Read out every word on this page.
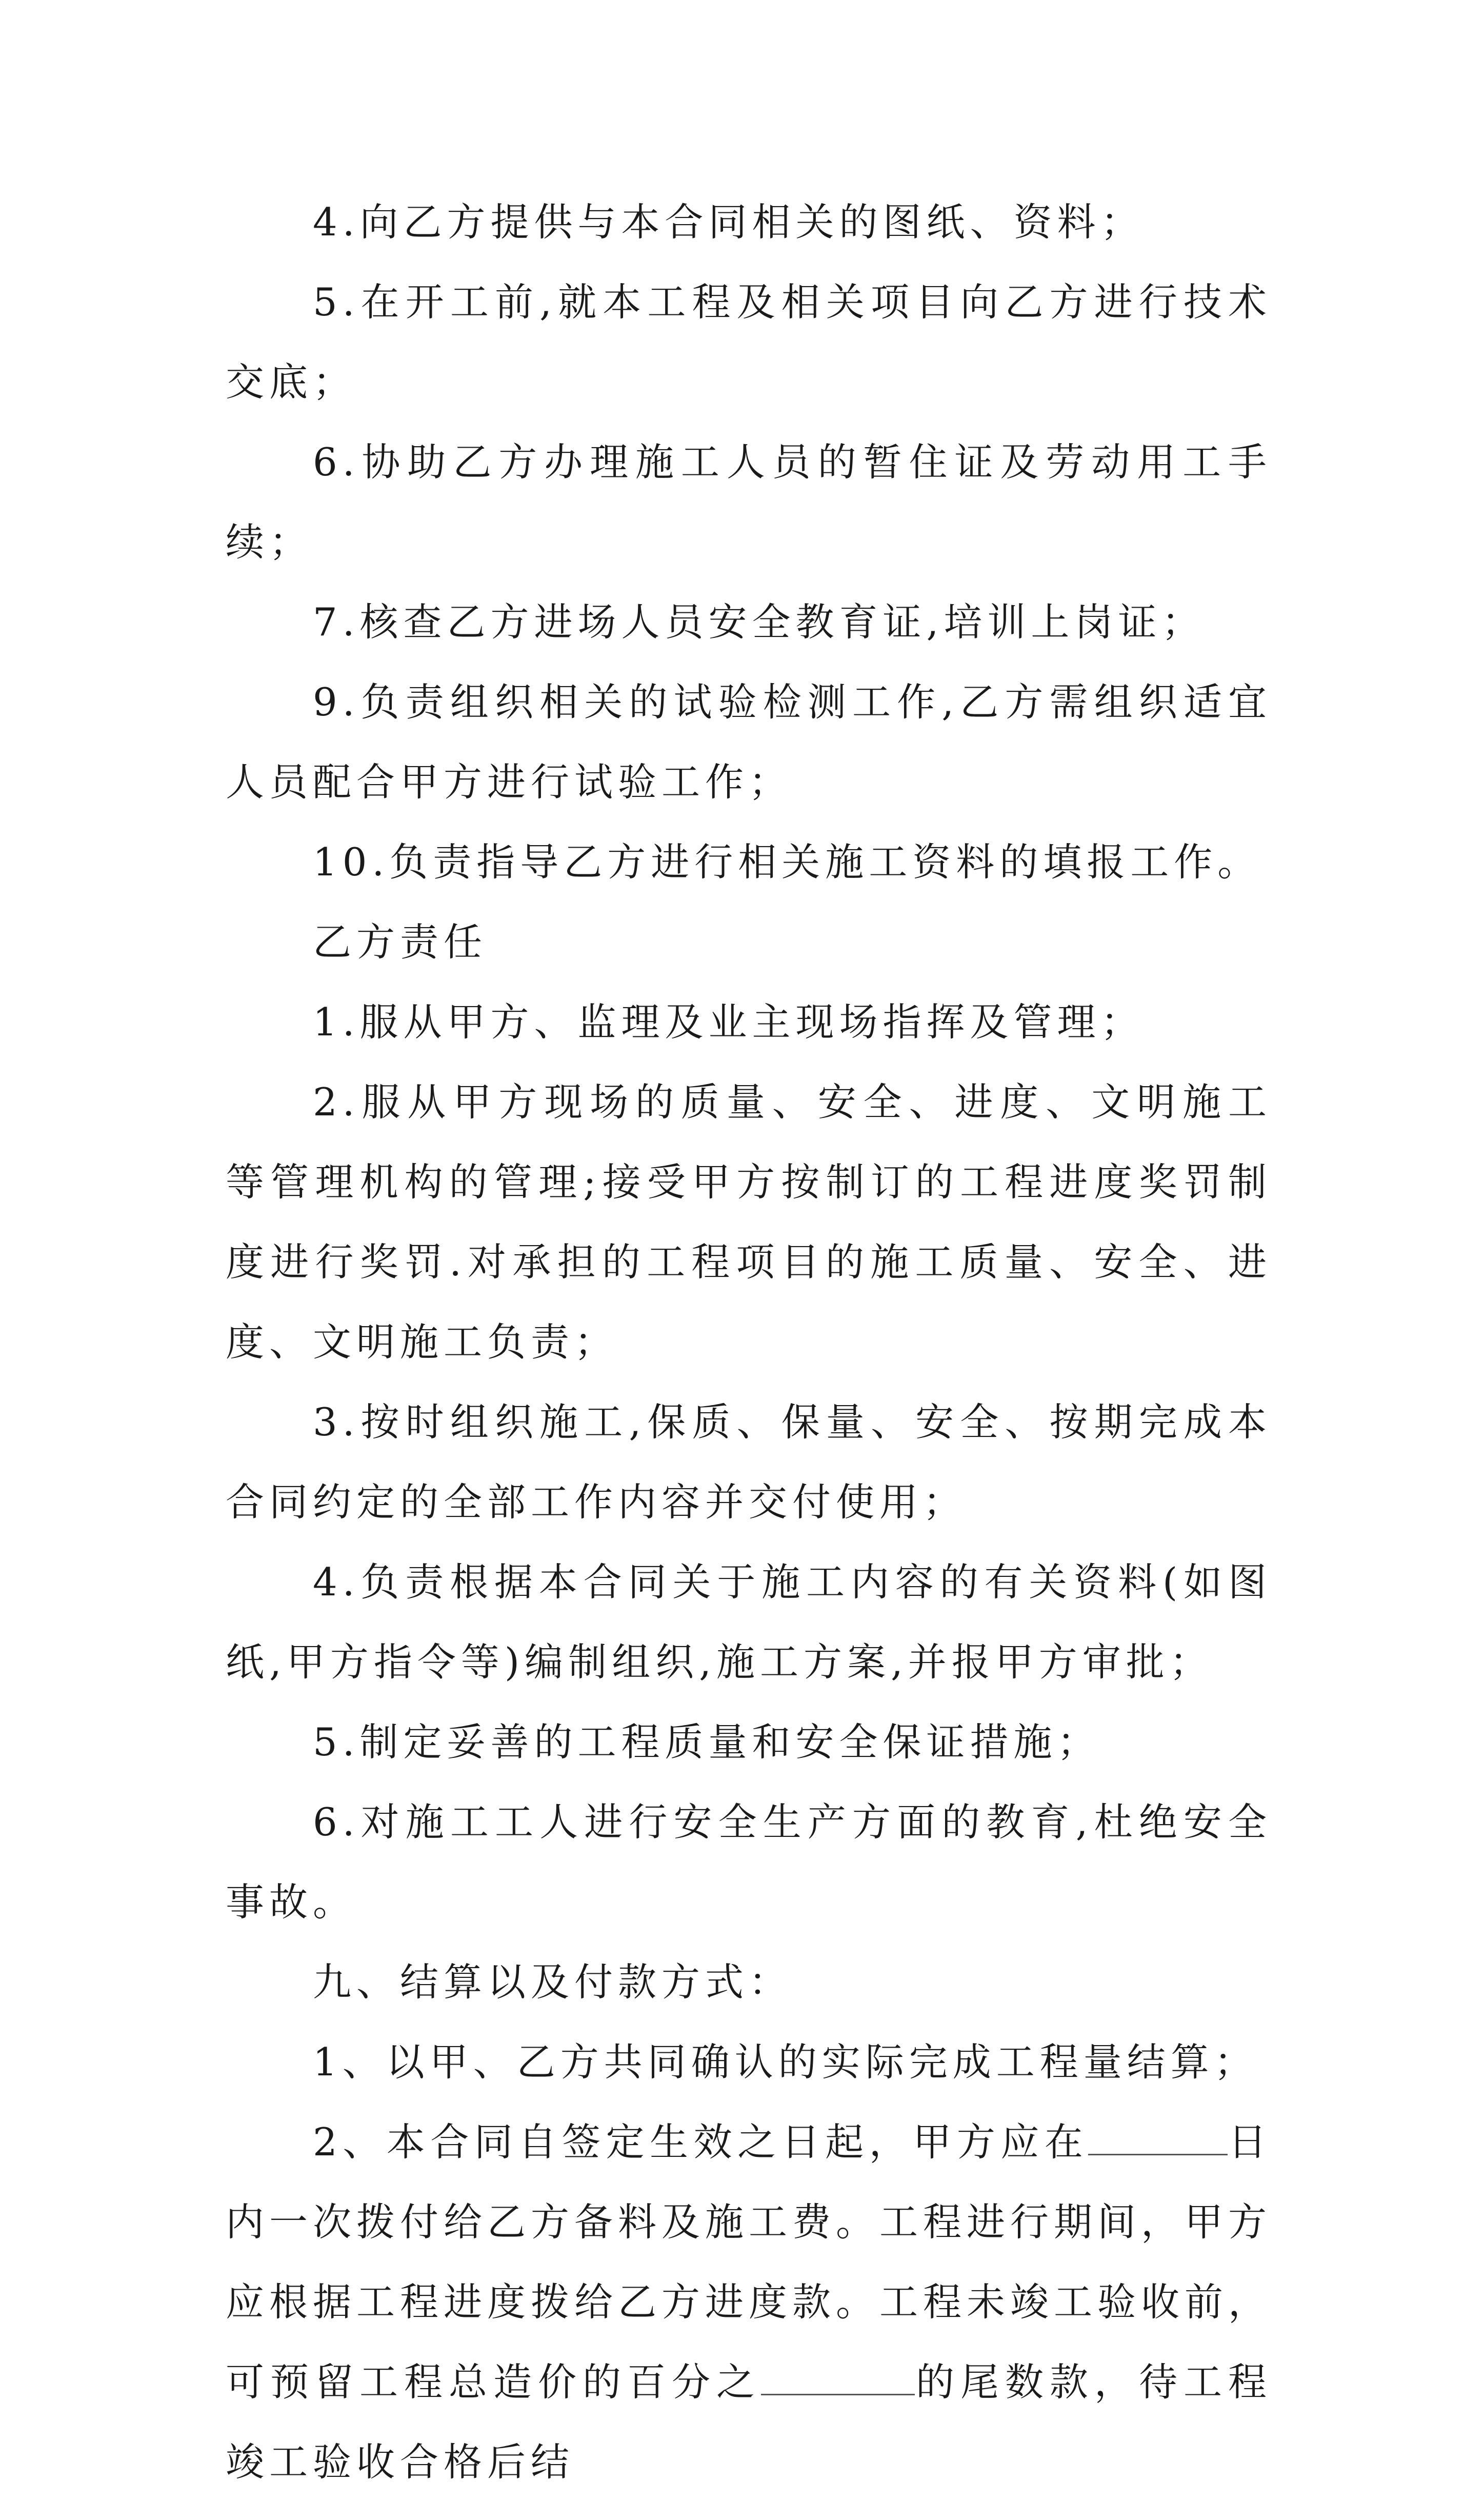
4.向乙方提供与本合同相关的图纸、资料；

5.在开工前,就本工程及相关项目向乙方进行技术交底；

6.协助乙方办理施工人员的暂住证及劳动用工手续；

7.核查乙方进场人员安全教育证,培训上岗证；

9.负责组织相关的试验检测工作,乙方需组织适宜人员配合甲方进行试验工作；

10.负责指导乙方进行相关施工资料的填报工作。

乙方责任

1.服从甲方、监理及业主现场指挥及管理；

2.服从甲方现场的质量、安全、进度、文明施工等管理机构的管理;接受甲方按制订的工程进度奖罚制度进行奖罚.对承担的工程项目的施工质量、安全、进度、文明施工负责；

3.按时组织施工,保质、保量、安全、按期完成本合同约定的全部工作内容并交付使用；

4.负责根据本合同关于施工内容的有关资料(如图纸,甲方指令等)编制组织,施工方案,并报甲方审批；

5.制定妥善的工程质量和安全保证措施；

6.对施工工人进行安全生产方面的教育,杜绝安全事故。

九、结算以及付款方式：

1、以甲、乙方共同确认的实际完成工程量结算；

2、本合同自签定生效之日起，甲方应在	日内一次拨付给乙方备料及施工费。工程进行期间，甲方应根据工程进度拨给乙方进度款。工程未竣工验收前，可预留工程总造价的百分之	的尾数款，待工程竣工验收合格后结
